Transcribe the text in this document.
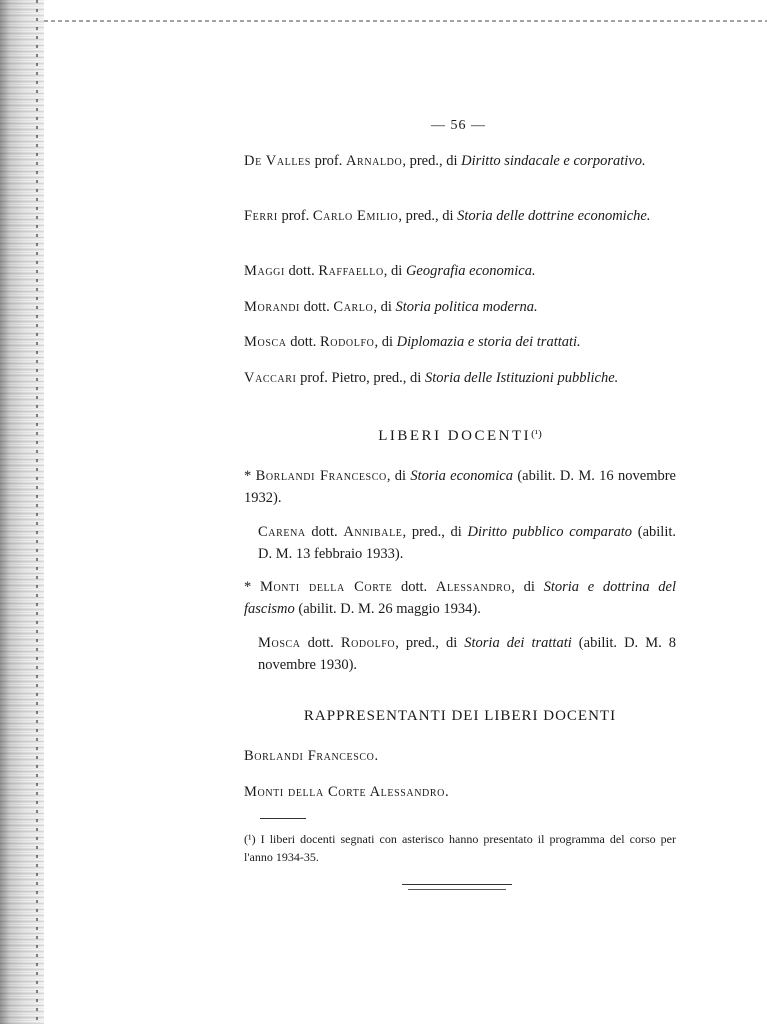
— 56 —
De Valles prof. Arnaldo, pred., di Diritto sindacale e corporativo.
Ferri prof. Carlo Emilio, pred., di Storia delle dottrine economiche.
Maggi dott. Raffaello, di Geografia economica.
Morandi dott. Carlo, di Storia politica moderna.
Mosca dott. Rodolfo, di Diplomazia e storia dei trattati.
Vaccari prof. Pietro, pred., di Storia delle Istituzioni pubbliche.
LIBERI $DOCENTI^{(^1)}$
* Borlandi Francesco, di Storia economica (abilit. D. M. 16 novembre 1932).
Carena dott. Annibale, pred., di Diritto pubblico comparato (abilit. D. M. 13 febbraio 1933).
* Monti della Corte dott. Alessandro, di Storia e dottrina del fascismo (abilit. D. M. 26 maggio 1934).
Mosca dott. Rodolfo, pred., di Storia dei trattati (abilit. D. M. 8 novembre 1930).
RAPPRESENTANTI DEI LIBERI DOCENTI
Borlandi Francesco.
Monti della Corte Alessandro.
(¹) I liberi docenti segnati con asterisco hanno presentato il programma del corso per l'anno 1934-35.
